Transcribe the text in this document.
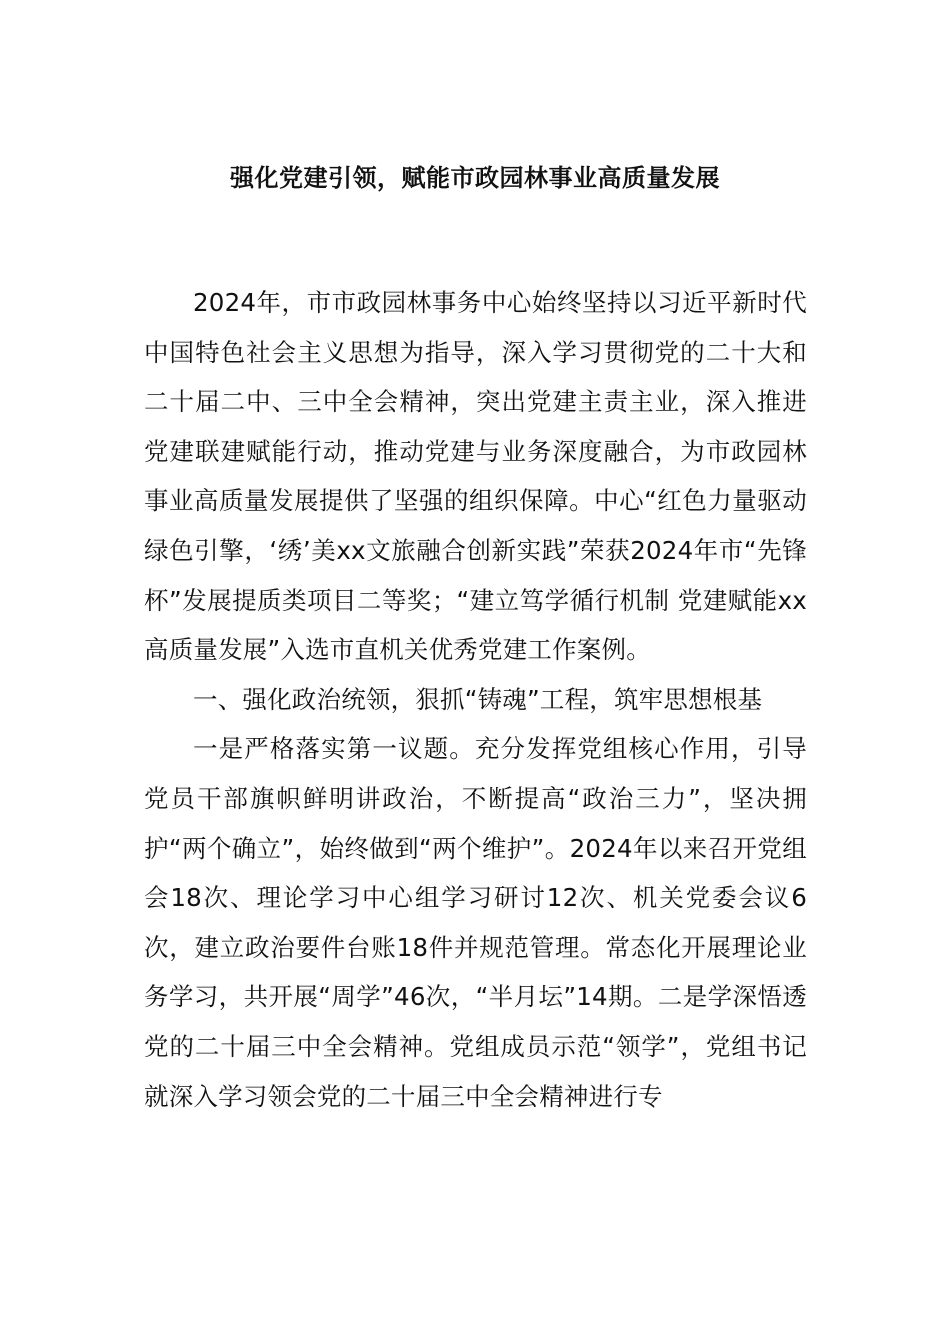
强化党建引领，赋能市政园林事业高质量发展

2024年，市市政园林事务中心始终坚持以习近平新时代中国特色社会主义思想为指导，深入学习贯彻党的二十大和二十届二中、三中全会精神，突出党建主责主业，深入推进党建联建赋能行动，推动党建与业务深度融合，为市政园林事业高质量发展提供了坚强的组织保障。中心“红色力量驱动绿色引擎，‘绣’美xx文旅融合创新实践”荣获2024年市“先锋杯”发展提质类项目二等奖；“建立笃学循行机制 党建赋能xx高质量发展”入选市直机关优秀党建工作案例。

一、强化政治统领，狠抓“铸魂”工程，筑牢思想根基

一是严格落实第一议题。充分发挥党组核心作用，引导党员干部旗帜鲜明讲政治，不断提高“政治三力”，坚决拥护“两个确立”，始终做到“两个维护”。2024年以来召开党组会18次、理论学习中心组学习研讨12次、机关党委会议6次，建立政治要件台账18件并规范管理。常态化开展理论业务学习，共开展“周学”46次，“半月坛”14期。二是学深悟透党的二十届三中全会精神。党组成员示范“领学”，党组书记就深入学习领会党的二十届三中全会精神进行专
